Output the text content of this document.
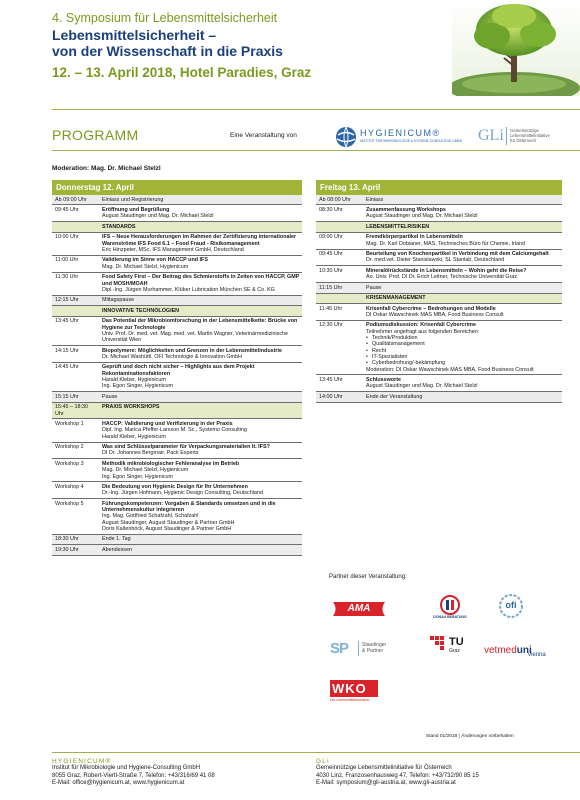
4. Symposium für Lebensmittelsicherheit
Lebensmittelsicherheit –
von der Wissenschaft in die Praxis
12. – 13. April 2018, Hotel Paradies, Graz
PROGRAMM	Eine Veranstaltung von	HYGIENICUM®
INSTITUT FÜR MIKROBIOLOGIE & HYGIENE-CONSULTING GMBH GLi Gemeinnützige
Lebensmittelinitiative
für Österreich
Moderation: Mag. Dr. Michael Stelzl
Donnerstag 12. April
Ab 09:00 Uhr	Einlass und Registrierung
09:45 Uhr	Eröffnung und Begrüßung
August Staudinger und Mag. Dr. Michael Stelzl
STANDARDS
10:00 Uhr	IFS – Neue Herausforderungen im Rahmen der Zertifizierung internationaler Warenströme IFS Food 6.1 – Food Fraud - Risikomanagement
Eric Hinzpeter, MSc, IFS Management GmbH, Deutschland
11:00 Uhr	Validierung im Sinne von HACCP und IFS
Mag. Dr. Michael Stelzl, Hygienicum
11:30 Uhr	Food Safety First – Der Beitrag des Schmierstoffs in Zeiten von HACCP, GMP und MOSH/MOAH
Dipl.-Ing. Jürgen Murhammer, Klüber Lubrication München SE & Co. KG
12:15 Uhr	Mittagspause
INNOVATIVE TECHNOLOGIEN
13:45 Uhr	Das Potential der Mikrobiomforschung in der Lebensmittelkette: Brücke von Hygiene zur Technologie
Univ. Prof. Dr. med. vet. Mag. med. vet. Martin Wagner, Veterinärmedizinische Universität Wien
14:15 Uhr	Biopolymere: Möglichkeiten und Grenzen in der Lebensmittelindustrie
Dr. Michael Washüttl, OFI Technologie & Innovation GmbH
14:45 Uhr	Geprüft und doch nicht sicher – Highlights aus dem Projekt Rekontaminationsfaktoren
Harald Kleber, Hygienicum
Ing. Egon Singer, Hygienicum
15:15 Uhr	Pause
15:45 – 18:30 Uhr
PRAXIS WORKSHOPS
Workshop 1	HACCP: Validierung und Verifizierung in der Praxis
Dipl. Ing. Marica Pfeffer-Larsson M. Sc., Systemo Consulting
Harald Kleber, Hygienicum
Workshop 2	Was sind Schlüsselparameter für Verpackungsmaterialien lt. IFS?
DI Dr. Johannes Bergmair, Pack Experts
Workshop 3	Methodik mikrobiologischer Fehleranalyse im Betrieb
Mag. Dr. Michael Stelzl, Hygienicum
Ing. Egon Singer, Hygienicum
Workshop 4	Die Bedeutung von Hygienic Design für Ihr Unternehmen
Dr.-Ing. Jürgen Hofmann, Hygienic Design Consulting, Deutschland
Workshop 5	Führungskompetenzen: Vorgaben & Standards umsetzen und in die Unternehmenskultur integrieren
Ing. Mag. Gottfried Schafzahl, Schafzahl
August Staudinger, August Staudinger & Partner GmbH
Doris Kaltenböck, August Staudinger & Partner GmbH
18:30 Uhr	Ende 1. Tag
19:30 Uhr	Abendessen
Freitag 13. April
Ab 08:00 Uhr	Einlass
08:30 Uhr	Zusammenfassung Workshops
August Staudinger und Mag. Dr. Michael Stelzl
LEBENSMITTELRISIKEN
09:00 Uhr	Fremdkörperpartikel in Lebensmitteln
Mag. Dr. Karl Dobianer, MAS, Technisches Büro für Chemie, Irland
09:45 Uhr	Beurteilung von Knochenpartikel in Verbindung mit dem Calciumgehalt
Dr. med.vet. Dieter Stanislawski, SL Stanlab, Deutschland
10:30 Uhr	Mineralölrückstände in Lebensmitteln – Wohin geht die Reise?
Ao. Univ. Prof. DI Dr. Erich Leitner, Technische Universität Graz
11:15 Uhr	Pause
KRISENMANAGEMENT
11:45 Uhr	Krisenfall Cybercrime – Bedrohungen und Modelle
DI Oskar Wawschinek MAS MBA, Food Business Consult
12:30 Uhr	Podiumsdiskussion: Krisenfall Cybercrime
Teilnehmer angefragt aus folgenden Bereichen:
• Technik/Produktion
• Qualitätsmanagement
• Recht
• IT-Spezialisten
• Cyberbedrohung/-bekämpfung
Moderation: DI Oskar Wawschinek MAS MBA, Food Business Consult
13:45 Uhr	Schlussworte
August Staudinger und Mag. Dr. Michael Stelzl
14:00 Uhr	Ende der Veranstaltung
Partner dieser Veranstaltung:
AMA
DONAU BERATUNG
ofi
SP	Staudinger
& Partner
TU
Graz vetmeduni
vienna
WKO
Die Lebensmittelindustrie
Stand 01/2018 | Änderungen vorbehalten
HYGIENICUM®
Institut für Mikrobiologie und Hygiene-Consulting GmbH
8055 Graz, Robert-Viertl-Straße 7, Telefon: +43/316/69 41 08
E-Mail: office@hygienicum.at, www.hygienicum.at
GLi
Gemeinnützige Lebensmittelinitiative für Österreich
4030 Linz, Franzosenhausweg 47, Telefon: +43/732/90 85 15
E-Mail: symposium@gli-austria.at, www.gli-austria.at
